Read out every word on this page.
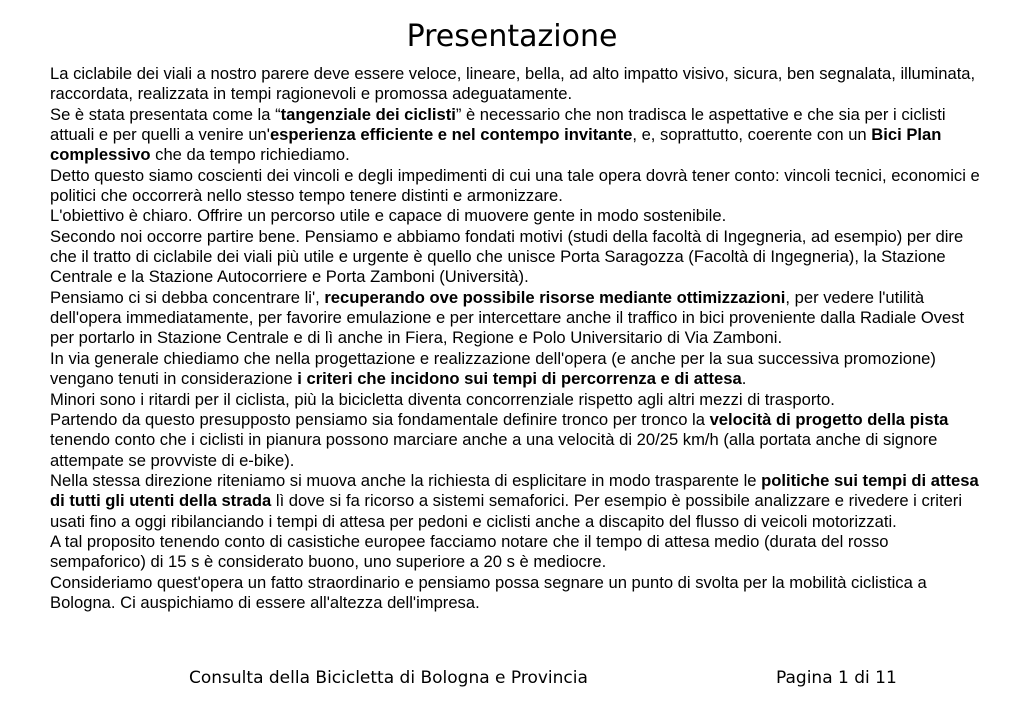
Presentazione

La ciclabile dei viali a nostro parere deve essere veloce, lineare, bella, ad alto impatto visivo, sicura, ben segnalata, illuminata, raccordata, realizzata in tempi ragionevoli e promossa adeguatamente.

Se è stata presentata come la “tangenziale dei ciclisti” è necessario che non tradisca le aspettative e che sia per i ciclisti attuali e per quelli a venire un'esperienza efficiente e nel contempo invitante, e, soprattutto, coerente con un Bici Plan complessivo che da tempo richiediamo.

Detto questo siamo coscienti dei vincoli e degli impedimenti di cui una tale opera dovrà tener conto: vincoli tecnici, economici e politici che occorrerà nello stesso tempo tenere distinti e armonizzare.

L'obiettivo è chiaro. Offrire un percorso utile e capace di muovere gente in modo sostenibile.

Secondo noi occorre partire bene. Pensiamo e abbiamo fondati motivi (studi della facoltà di Ingegneria, ad esempio) per dire che il tratto di ciclabile dei viali più utile e urgente è quello che unisce Porta Saragozza (Facoltà di Ingegneria), la Stazione Centrale e la Stazione Autocorriere e Porta Zamboni (Università).

Pensiamo ci si debba concentrare li', recuperando ove possibile risorse mediante ottimizzazioni, per vedere l'utilità dell'opera immediatamente, per favorire emulazione e per intercettare anche il traffico in bici proveniente dalla Radiale Ovest per portarlo in Stazione Centrale e di lì anche in Fiera, Regione e Polo Universitario di Via Zamboni.

In via generale chiediamo che nella progettazione e realizzazione dell'opera (e anche per la sua successiva promozione) vengano tenuti in considerazione i criteri che incidono sui tempi di percorrenza e di attesa.

Minori sono i ritardi per il ciclista, più la bicicletta diventa concorrenziale rispetto agli altri mezzi di trasporto.

Partendo da questo presupposto pensiamo sia fondamentale definire tronco per tronco la velocità di progetto della pista tenendo conto che i ciclisti in pianura possono marciare anche a una velocità di 20/25 km/h (alla portata anche di signore attempate se provviste di e-bike).

Nella stessa direzione riteniamo si muova anche la richiesta di esplicitare in modo trasparente le politiche sui tempi di attesa di tutti gli utenti della strada lì dove si fa ricorso a sistemi semaforici. Per esempio è possibile analizzare e rivedere i criteri usati fino a oggi ribilanciando i tempi di attesa per pedoni e ciclisti anche a discapito del flusso di veicoli motorizzati.

A tal proposito tenendo conto di casistiche europee facciamo notare che il tempo di attesa medio (durata del rosso sempaforico) di 15 s è considerato buono, uno superiore a 20 s è mediocre.

Consideriamo quest'opera un fatto straordinario e pensiamo possa segnare un punto di svolta per la mobilità ciclistica a Bologna. Ci auspichiamo di essere all'altezza dell'impresa.

Consulta della Bicicletta di Bologna e Provincia	Pagina 1 di 11
